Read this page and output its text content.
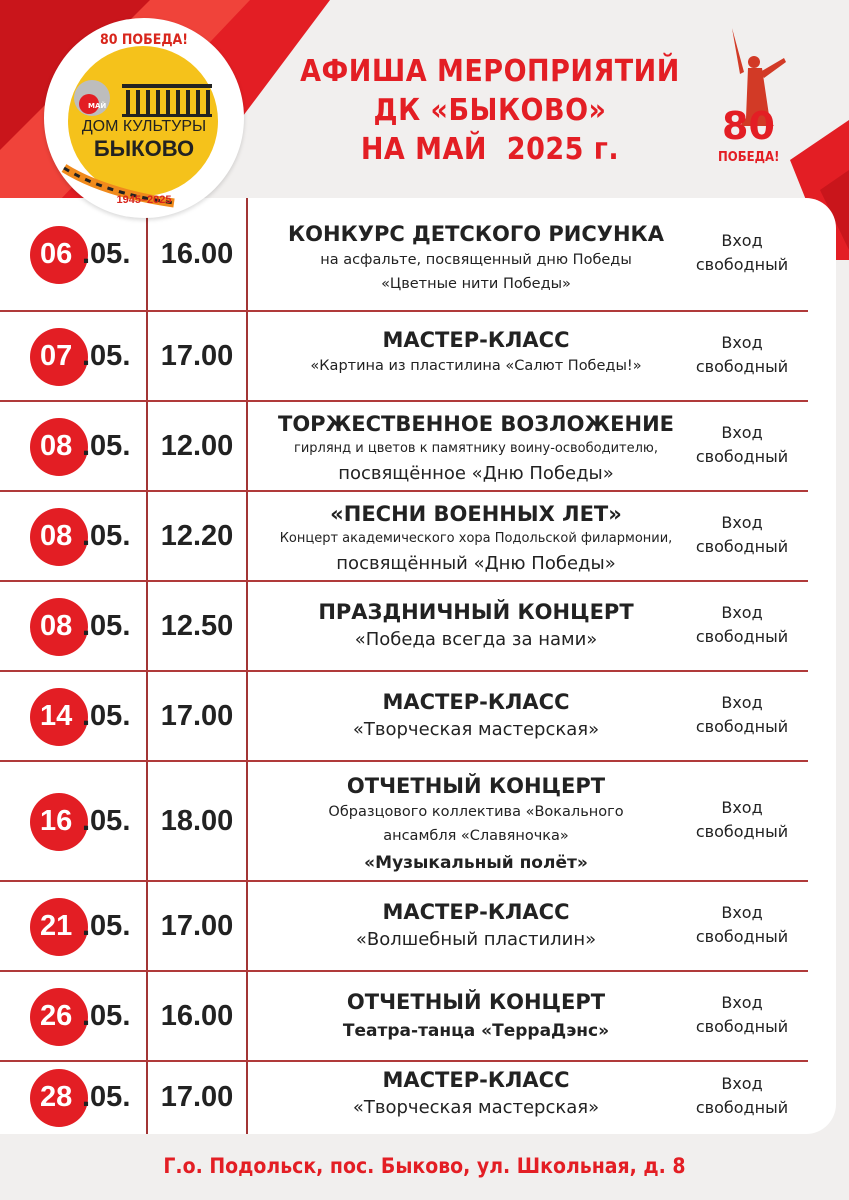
80 ПОБЕДА!
МАЙ
ДОМ КУЛЬТУРЫ
БЫКОВО
1945–2025
АФИША МЕРОПРИЯТИЙ
ДК «БЫКОВО»
НА МАЙ  2025 г.
80
ПОБЕДА!
06 .05.	16.00
КОНКУРС ДЕТСКОГО РИСУНКА
на асфальте, посвященный дню Победы
«Цветные нити Победы»
Вход
свободный
07 .05.	17.00	МАСТЕР-КЛАСС
«Картина из пластилина «Салют Победы!»
Вход
свободный
08 .05.	12.00
ТОРЖЕСТВЕННОЕ ВОЗЛОЖЕНИЕ
гирлянд и цветов к памятнику воину-освободителю,
посвящённое «Дню Победы»
Вход
свободный
08 .05.	12.20
«ПЕСНИ ВОЕННЫХ ЛЕТ»
Концерт академического хора Подольской филармонии,
посвящённый «Дню Победы»
Вход
свободный
08 .05.	12.50	ПРАЗДНИЧНЫЙ КОНЦЕРТ
«Победа всегда за нами»
Вход
свободный
14 .05.	17.00	МАСТЕР-КЛАСС
«Творческая мастерская»
Вход
свободный
16 .05.	18.00
ОТЧЕТНЫЙ КОНЦЕРТ
Образцового коллектива «Вокального
ансамбля «Славяночка»
«Музыкальный полёт»
Вход
свободный
21 .05.	17.00	МАСТЕР-КЛАСС
«Волшебный пластилин»
Вход
свободный
26 .05.	16.00	ОТЧЕТНЫЙ КОНЦЕРТ
Театра-танца «ТерраДэнс»
Вход
свободный
28 .05.	17.00
МАСТЕР-КЛАСС
«Творческая мастерская»
Вход
свободный
Г.о. Подольск, пос. Быково, ул. Школьная, д. 8
